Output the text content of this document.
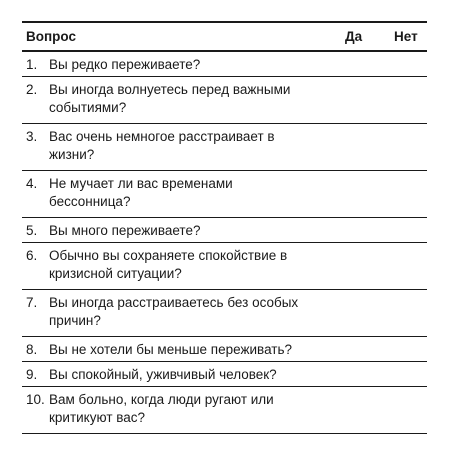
Вопрос	Да Нет
1. Вы редко переживаете?
2. Вы иногда волнуетесь перед важными
событиями?
3. Вас очень немногое расстраивает в
жизни?
4. Не мучает ли вас временами
бессонница?
5. Вы много переживаете?
6. Обычно вы сохраняете спокойствие в
кризисной ситуации?
7. Вы иногда расстраиваетесь без особых
причин?
8. Вы не хотели бы меньше переживать?
9. Вы спокойный, уживчивый человек?
10. Вам больно, когда люди ругают или
критикуют вас?
